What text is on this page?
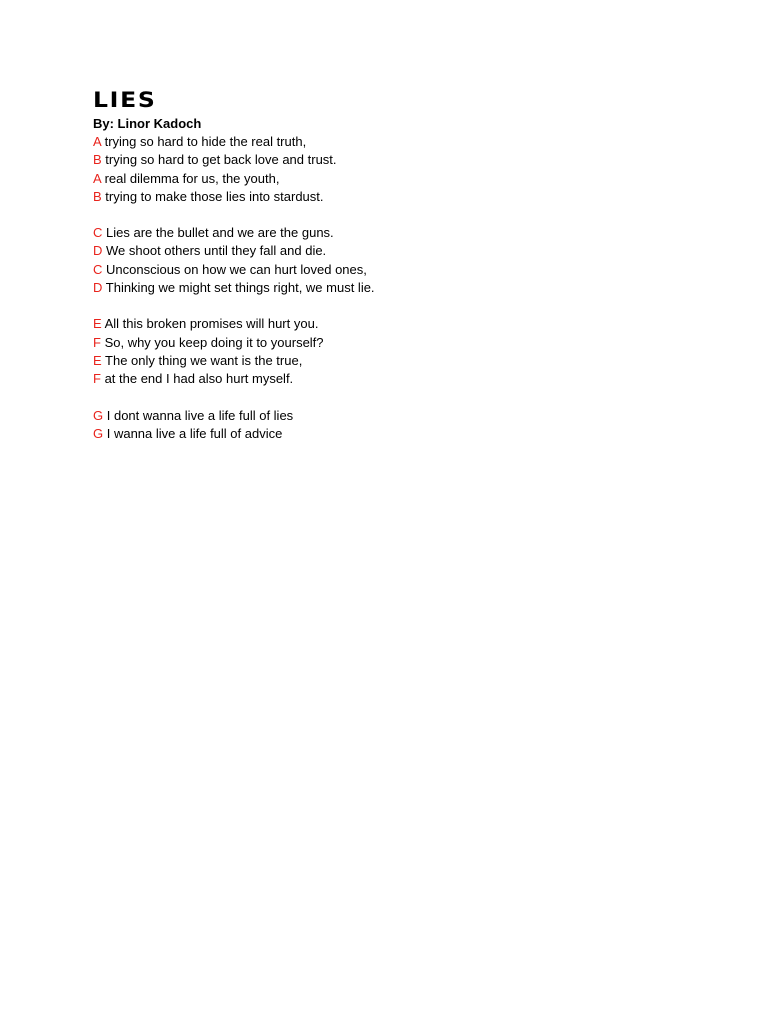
LIES
By: Linor Kadoch
A trying so hard to hide the real truth,
B trying so hard to get back love and trust.
A real dilemma for us, the youth,
B trying to make those lies into stardust.
C Lies are the bullet and we are the guns.
D We shoot others until they fall and die.
C Unconscious on how we can hurt loved ones,
D Thinking we might set things right, we must lie.
E All this broken promises will hurt you.
F So, why you keep doing it to yourself?
E The only thing we want is the true,
F at the end I had also hurt myself.
G I dont wanna live a life full of lies
G I wanna live a life full of advice
